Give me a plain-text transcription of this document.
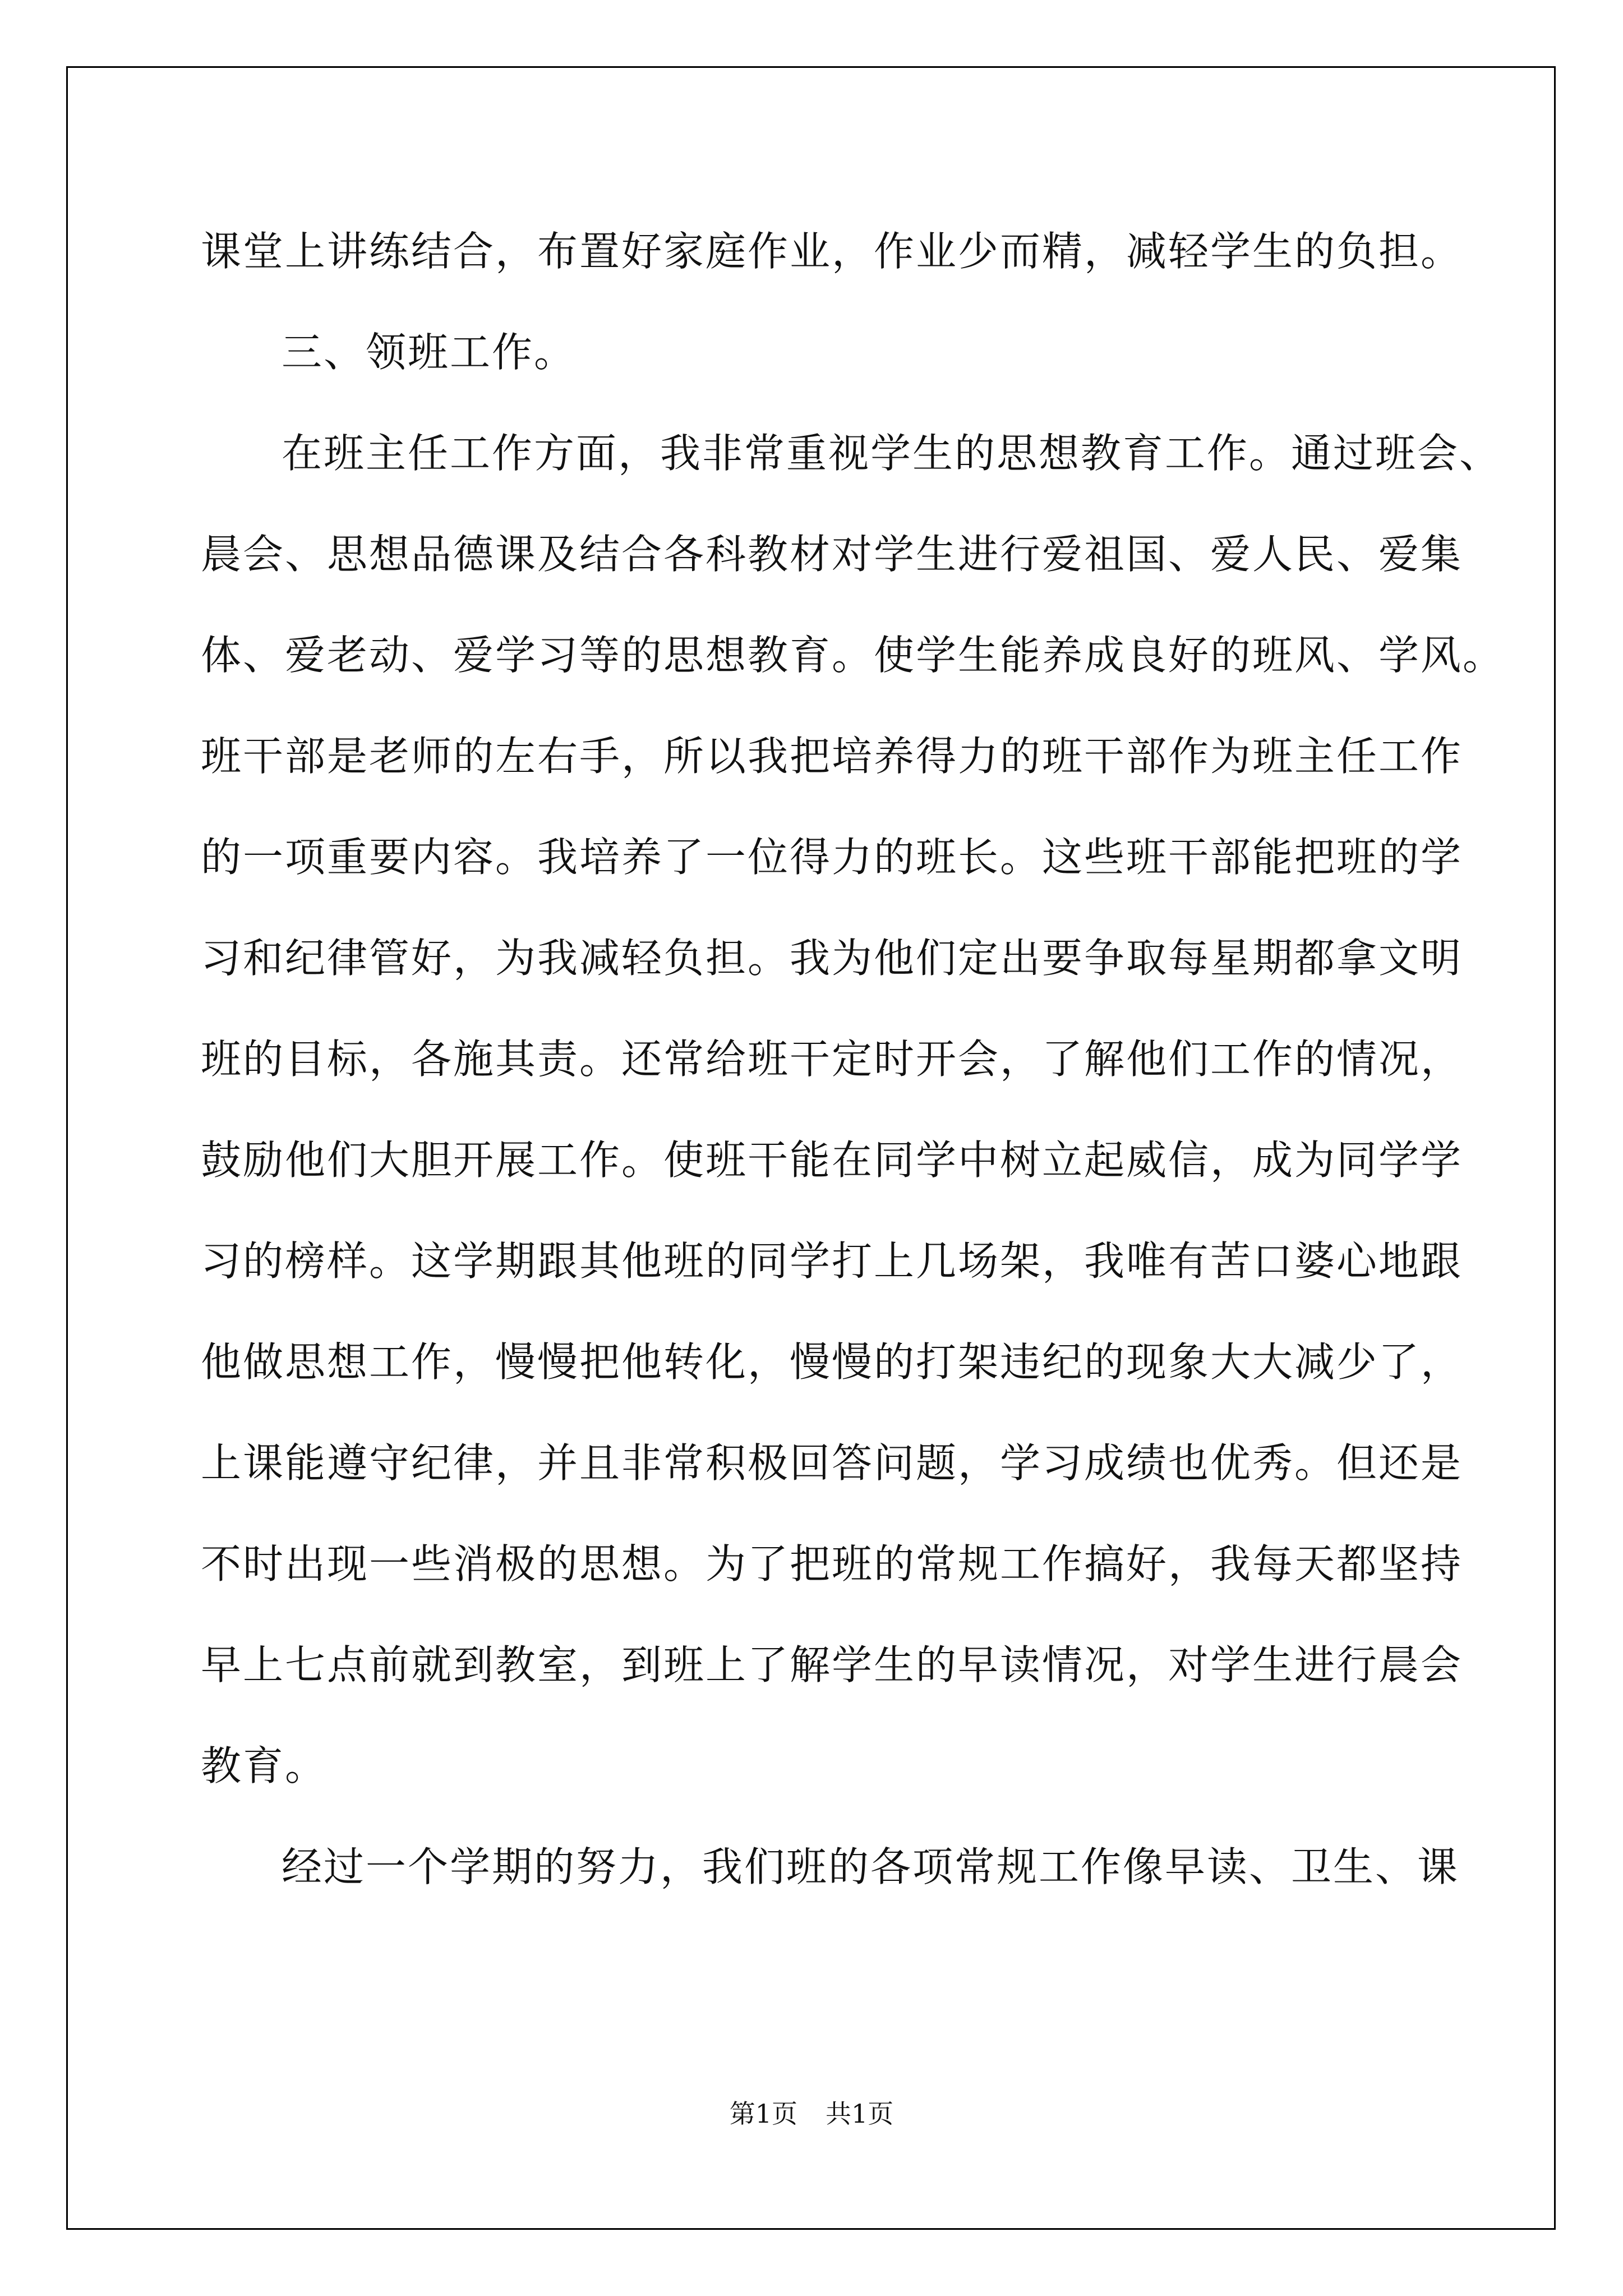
课堂上讲练结合，布置好家庭作业，作业少而精，减轻学生的负担。
三、领班工作。
在班主任工作方面，我非常重视学生的思想教育工作。通过班会、
晨会、思想品德课及结合各科教材对学生进行爱祖国、爱人民、爱集
体、爱老动、爱学习等的思想教育。使学生能养成良好的班风、学风。
班干部是老师的左右手，所以我把培养得力的班干部作为班主任工作
的一项重要内容。我培养了一位得力的班长。这些班干部能把班的学
习和纪律管好，为我减轻负担。我为他们定出要争取每星期都拿文明
班的目标，各施其责。还常给班干定时开会，了解他们工作的情况，
鼓励他们大胆开展工作。使班干能在同学中树立起威信，成为同学学
习的榜样。这学期跟其他班的同学打上几场架，我唯有苦口婆心地跟
他做思想工作，慢慢把他转化，慢慢的打架违纪的现象大大减少了，
上课能遵守纪律，并且非常积极回答问题，学习成绩也优秀。但还是
不时出现一些消极的思想。为了把班的常规工作搞好，我每天都坚持
早上七点前就到教室，到班上了解学生的早读情况，对学生进行晨会
教育。
经过一个学期的努力，我们班的各项常规工作像早读、卫生、课
第1页 共1页
